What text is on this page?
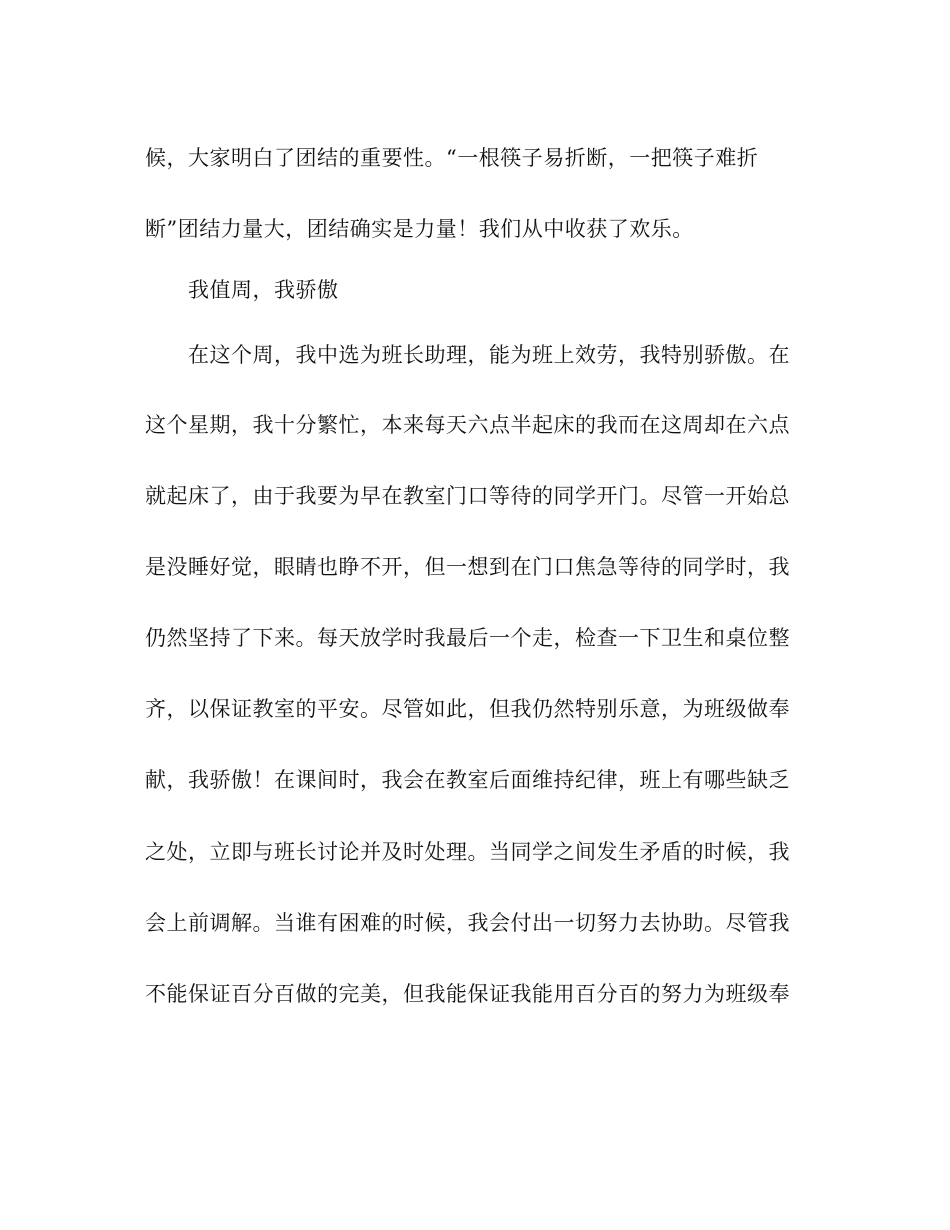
候，大家明白了团结的重要性。“一根筷子易折断，一把筷子难折
断”团结力量大，团结确实是力量！我们从中收获了欢乐。
我值周，我骄傲
在这个周，我中选为班长助理，能为班上效劳，我特别骄傲。在
这个星期，我十分繁忙，本来每天六点半起床的我而在这周却在六点
就起床了，由于我要为早在教室门口等待的同学开门。尽管一开始总
是没睡好觉，眼睛也睁不开，但一想到在门口焦急等待的同学时，我
仍然坚持了下来。每天放学时我最后一个走，检查一下卫生和桌位整
齐，以保证教室的平安。尽管如此，但我仍然特别乐意，为班级做奉
献，我骄傲！在课间时，我会在教室后面维持纪律，班上有哪些缺乏
之处，立即与班长讨论并及时处理。当同学之间发生矛盾的时候，我
会上前调解。当谁有困难的时候，我会付出一切努力去协助。尽管我
不能保证百分百做的完美，但我能保证我能用百分百的努力为班级奉
